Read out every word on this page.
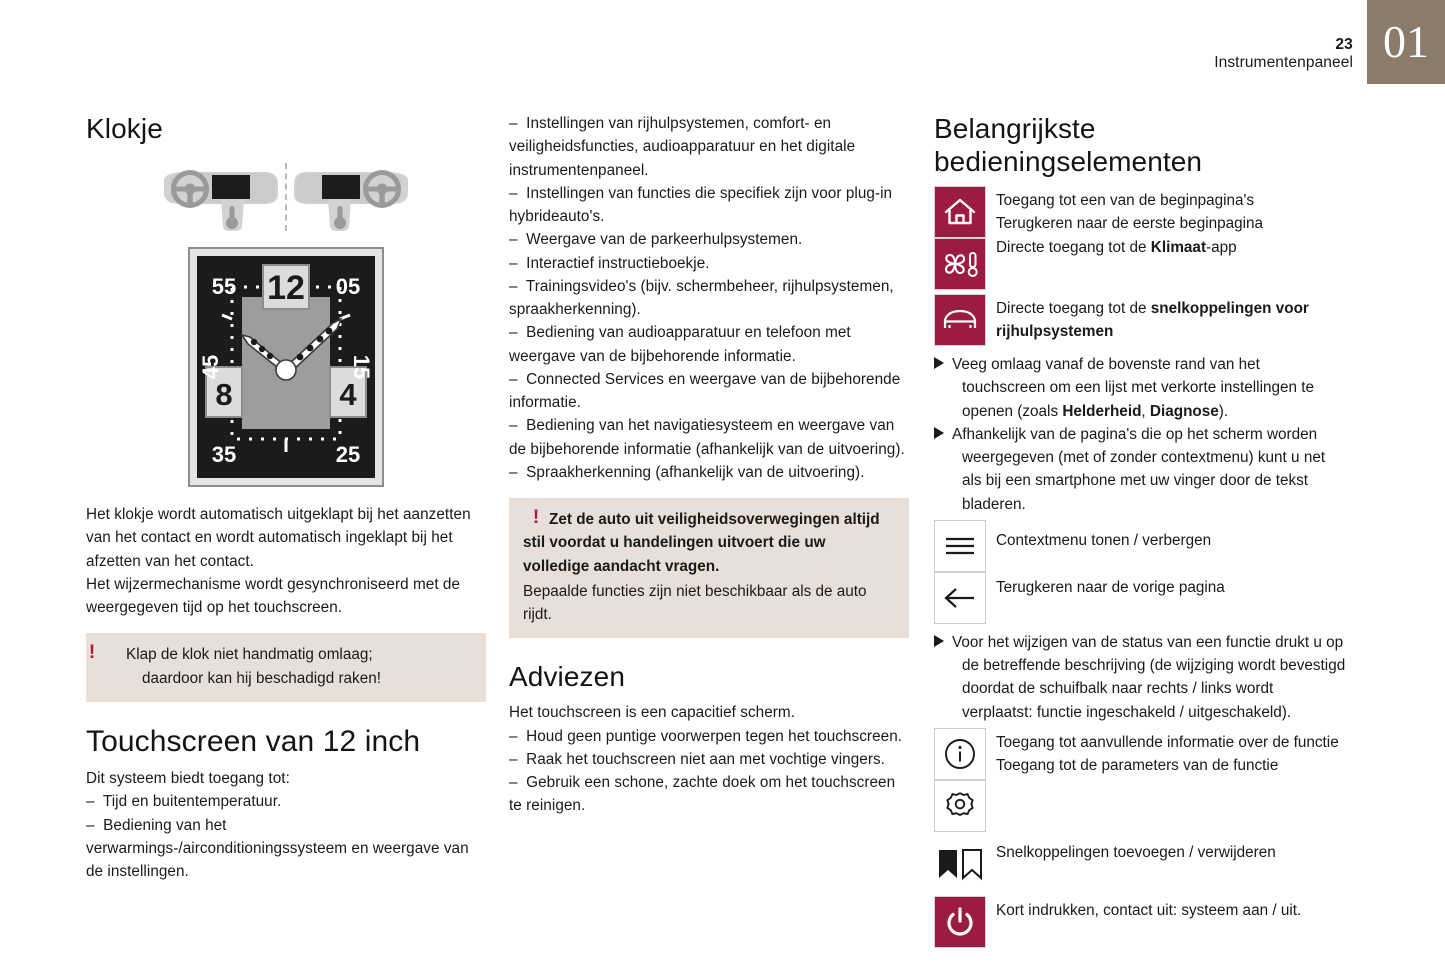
23
Instrumentenpaneel 01
Klokje
12
8	4
55	05
45	15
35	25

Het klokje wordt automatisch uitgeklapt bij het aanzetten van het contact en wordt automatisch ingeklapt bij het afzetten van het contact.

Het wijzermechanisme wordt gesynchroniseerd met de weergegeven tijd op het touchscreen.

! Klap de klok niet handmatig omlaag;
daardoor kan hij beschadigd raken!
Touchscreen van 12 inch

Dit systeem biedt toegang tot:

–  Tijd en buitentemperatuur.

–  Bediening van het verwarmings-/airconditioningssysteem en weergave van de instellingen.

–  Instellingen van rijhulpsystemen, comfort- en veiligheidsfuncties, audioapparatuur en het digitale instrumentenpaneel.

–  Instellingen van functies die specifiek zijn voor plug-in hybrideauto's.

–  Weergave van de parkeerhulpsystemen.

–  Interactief instructieboekje.

–  Trainingsvideo's (bijv. schermbeheer, rijhulpsystemen, spraakherkenning).

–  Bediening van audioapparatuur en telefoon met weergave van de bijbehorende informatie.

–  Connected Services en weergave van de bijbehorende informatie.

–  Bediening van het navigatiesysteem en weergave van de bijbehorende informatie (afhankelijk van de uitvoering).

–  Spraakherkenning (afhankelijk van de uitvoering).

! Zet de auto uit veiligheidsoverwegingen altijd stil voordat u handelingen uitvoert die uw volledige aandacht vragen.
Bepaalde functies zijn niet beschikbaar als de auto rijdt.
Adviezen

Het touchscreen is een capacitief scherm.

–  Houd geen puntige voorwerpen tegen het touchscreen.

–  Raak het touchscreen niet aan met vochtige vingers.

–  Gebruik een schone, zachte doek om het touchscreen te reinigen.

Belangrijkste
bedieningselementen
Toegang tot een van de beginpagina's
Terugkeren naar de eerste beginpagina
Directe toegang tot de Klimaat-app
Directe toegang tot de snelkoppelingen voor rijhulpsystemen

Veeg omlaag vanaf de bovenste rand van het touchscreen om een lijst met verkorte instellingen te openen (zoals Helderheid, Diagnose).

Afhankelijk van de pagina's die op het scherm worden weergegeven (met of zonder contextmenu) kunt u net als bij een smartphone met uw vinger door de tekst bladeren.

Contextmenu tonen / verbergen
Terugkeren naar de vorige pagina

Voor het wijzigen van de status van een functie drukt u op de betreffende beschrijving (de wijziging wordt bevestigd doordat de schuifbalk naar rechts / links wordt verplaatst: functie ingeschakeld / uitgeschakeld).

Toegang tot aanvullende informatie over de functie
Toegang tot de parameters van de functie
Snelkoppelingen toevoegen / verwijderen
Kort indrukken, contact uit: systeem aan / uit.
